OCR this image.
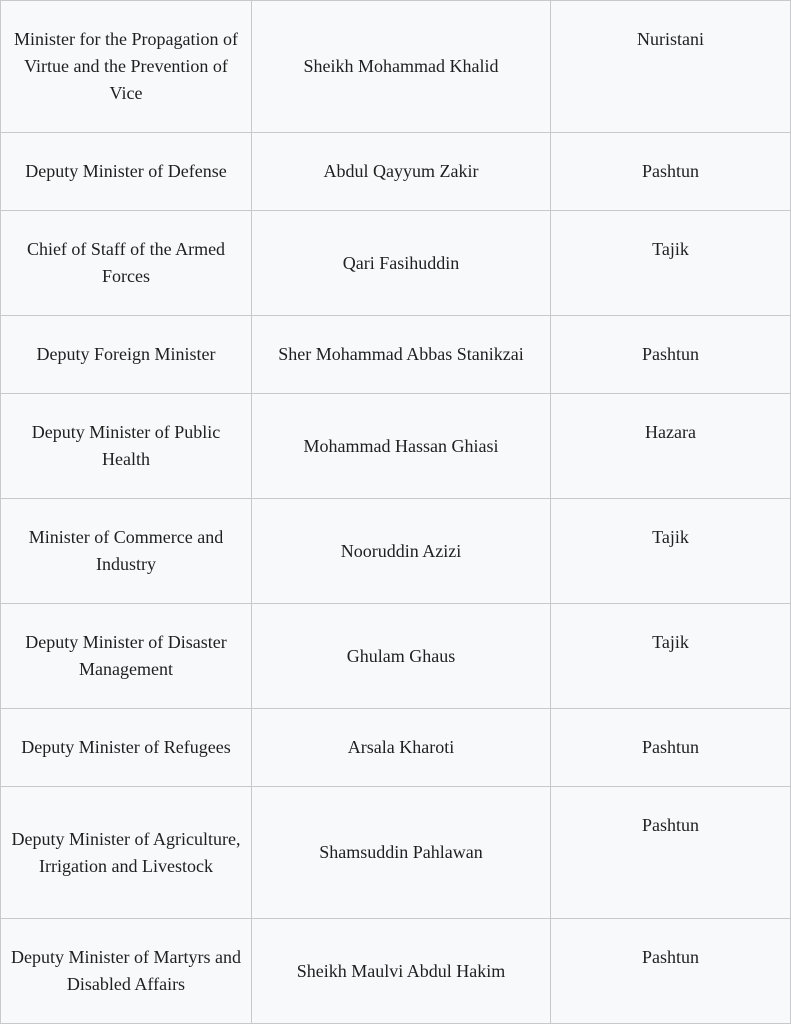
Minister for the Propagation of Virtue and the Prevention of Vice	Sheikh Mohammad Khalid	Nuristani
Deputy Minister of Defense	Abdul Qayyum Zakir	Pashtun
Chief of Staff of the Armed Forces	Qari Fasihuddin	Tajik
Deputy Foreign Minister	Sher Mohammad Abbas Stanikzai	Pashtun
Deputy Minister of Public Health	Mohammad Hassan Ghiasi	Hazara
Minister of Commerce and Industry	Nooruddin Azizi	Tajik
Deputy Minister of Disaster Management	Ghulam Ghaus	Tajik
Deputy Minister of Refugees	Arsala Kharoti	Pashtun
Deputy Minister of Agriculture, Irrigation and Livestock	Shamsuddin Pahlawan	Pashtun
Deputy Minister of Martyrs and Disabled Affairs	Sheikh Maulvi Abdul Hakim	Pashtun
